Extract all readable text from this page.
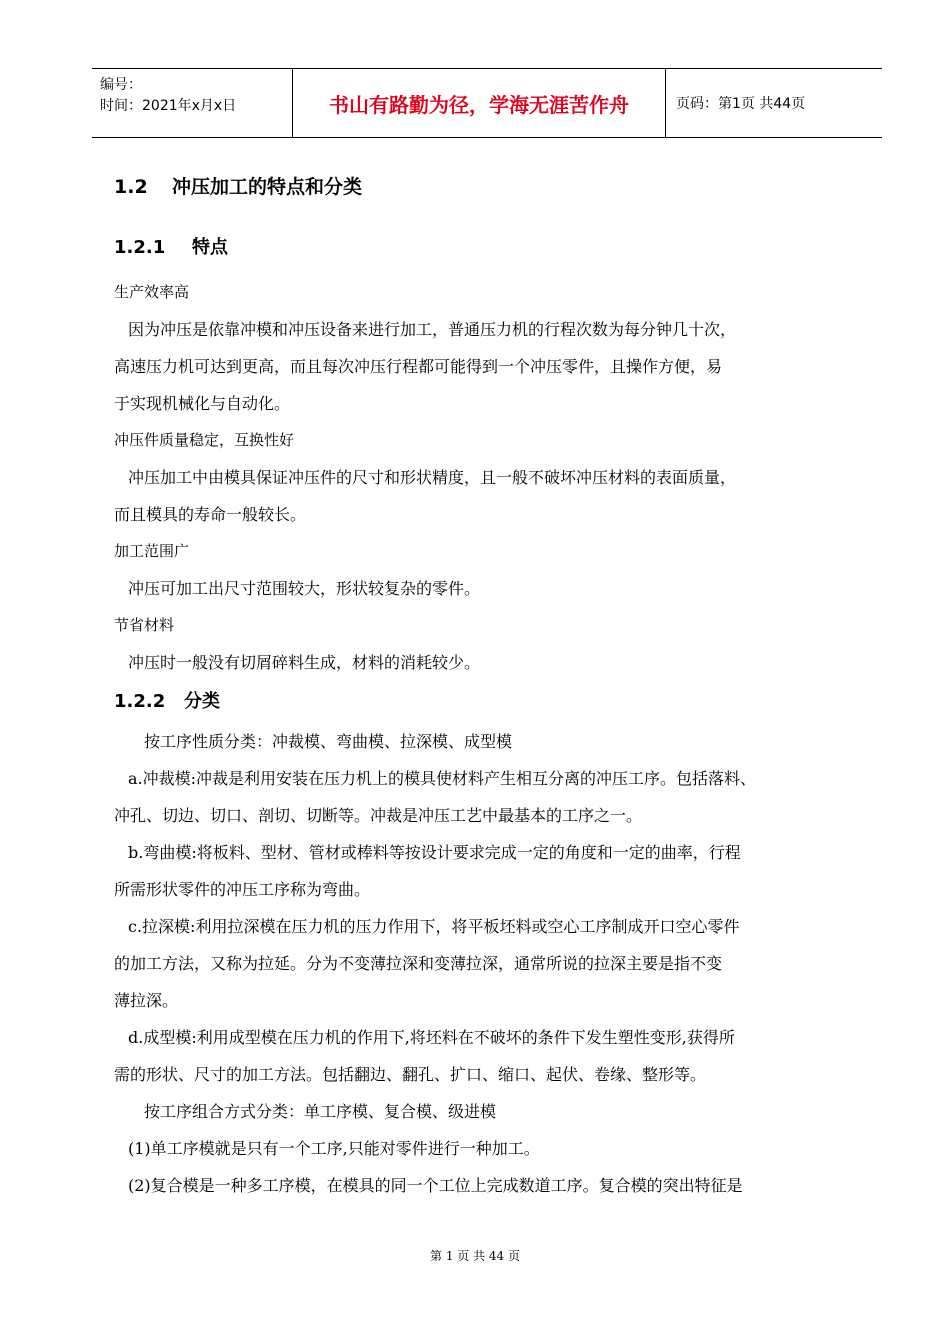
编号：
时间：2021年x月x日	书山有路勤为径，学海无涯苦作舟	页码：第1页 共44页
1.2 冲压加工的特点和分类
1.2.1 特点

生产效率高

因为冲压是依靠冲模和冲压设备来进行加工，普通压力机的行程次数为每分钟几十次，

高速压力机可达到更高，而且每次冲压行程都可能得到一个冲压零件，且操作方便，易

于实现机械化与自动化。

冲压件质量稳定，互换性好

冲压加工中由模具保证冲压件的尺寸和形状精度，且一般不破坏冲压材料的表面质量，

而且模具的寿命一般较长。

加工范围广

冲压可加工出尺寸范围较大，形状较复杂的零件。

节省材料

冲压时一般没有切屑碎料生成，材料的消耗较少。

1.2.2 分类

按工序性质分类：冲裁模、弯曲模、拉深模、成型模

a.冲裁模:冲裁是利用安装在压力机上的模具使材料产生相互分离的冲压工序。包括落料、

冲孔、切边、切口、剖切、切断等。冲裁是冲压工艺中最基本的工序之一。

b.弯曲模:将板料、型材、管材或棒料等按设计要求完成一定的角度和一定的曲率，行程

所需形状零件的冲压工序称为弯曲。

c.拉深模:利用拉深模在压力机的压力作用下，将平板坯料或空心工序制成开口空心零件

的加工方法，又称为拉延。分为不变薄拉深和变薄拉深，通常所说的拉深主要是指不变

薄拉深。

d.成型模:利用成型模在压力机的作用下,将坯料在不破坏的条件下发生塑性变形,获得所

需的形状、尺寸的加工方法。包括翻边、翻孔、扩口、缩口、起伏、卷缘、整形等。

按工序组合方式分类：单工序模、复合模、级进模

(1)单工序模就是只有一个工序,只能对零件进行一种加工。

(2)复合模是一种多工序模，在模具的同一个工位上完成数道工序。复合模的突出特征是

第 1 页 共 44 页
